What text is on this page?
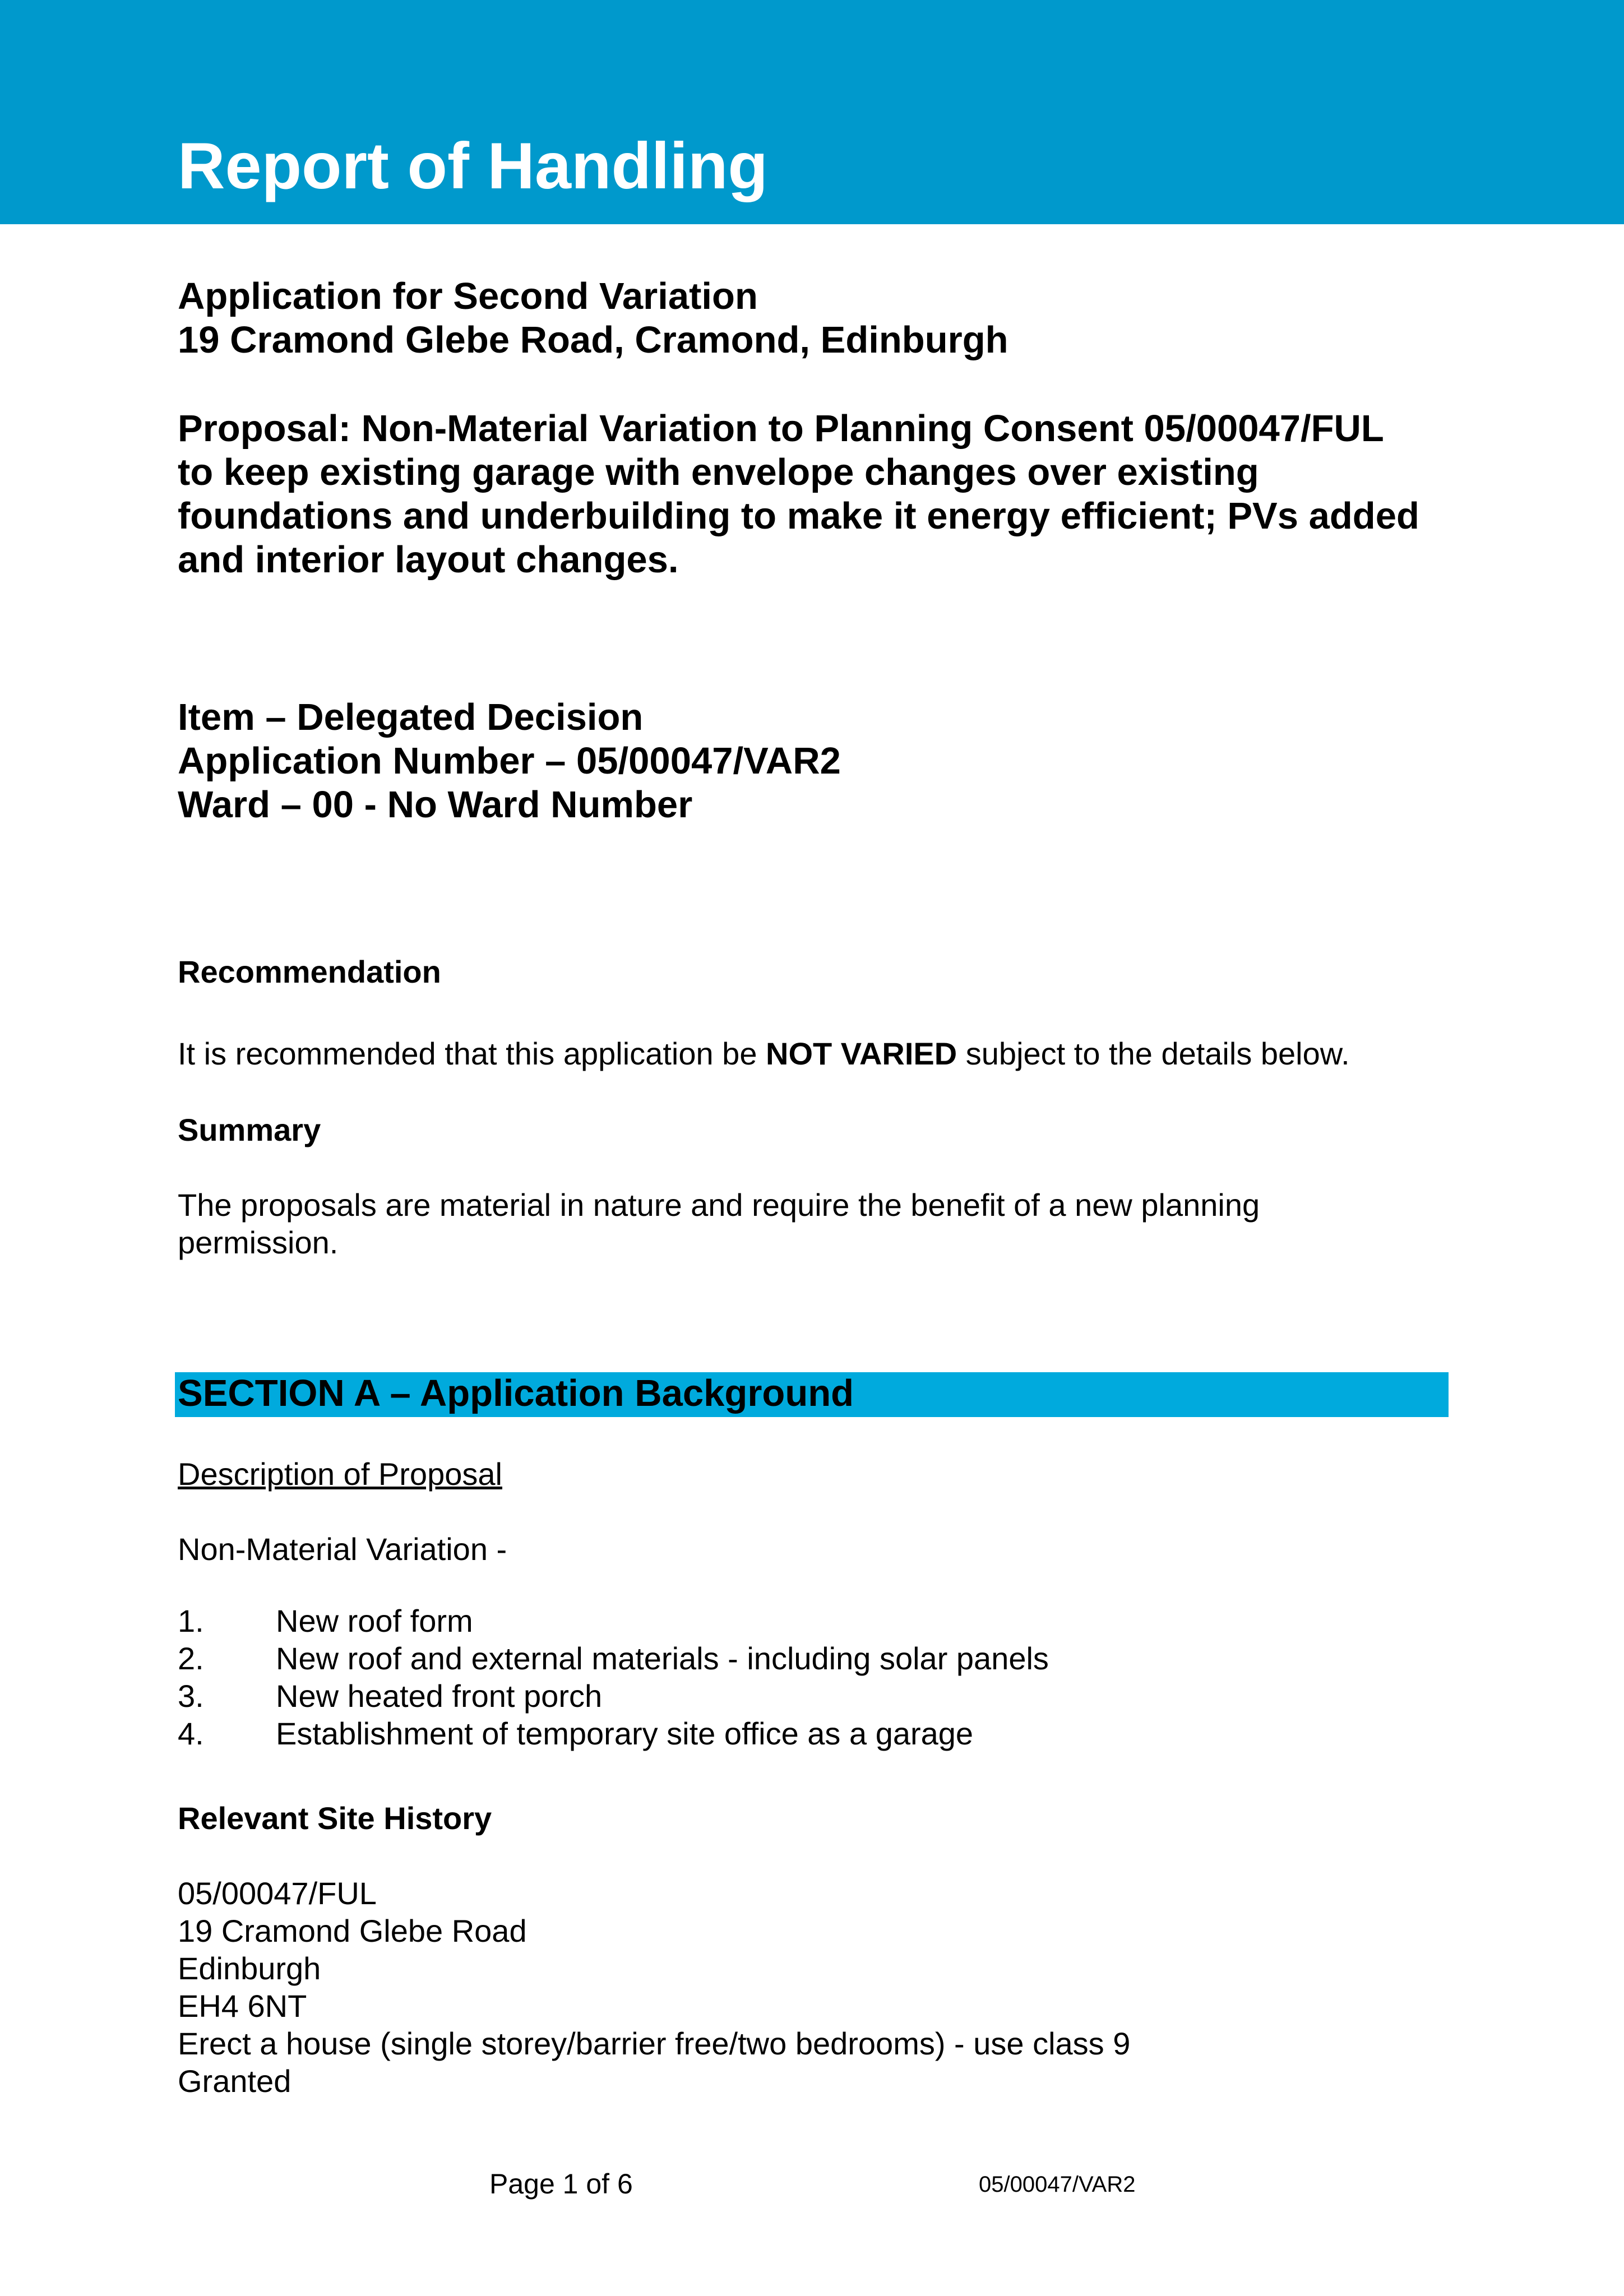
Report of Handling
Application for Second Variation
19 Cramond Glebe Road, Cramond, Edinburgh
Proposal: Non-Material Variation to Planning Consent 05/00047/FUL
to keep existing garage with envelope changes over existing
foundations and underbuilding to make it energy efficient; PVs added
and interior layout changes.
Item – Delegated Decision
Application Number – 05/00047/VAR2
Ward – 00 - No Ward Number
Recommendation
It is recommended that this application be NOT VARIED subject to the details below.
Summary
The proposals are material in nature and require the benefit of a new planning
permission.
SECTION A – Application Background
Description of Proposal
Non-Material Variation -
1. New roof form
2. New roof and external materials - including solar panels
3. New heated front porch
4. Establishment of temporary site office as a garage
Relevant Site History
05/00047/FUL
19 Cramond Glebe Road
Edinburgh
EH4 6NT
Erect a house (single storey/barrier free/two bedrooms) - use class 9
Granted
Page 1 of 6	05/00047/VAR2
